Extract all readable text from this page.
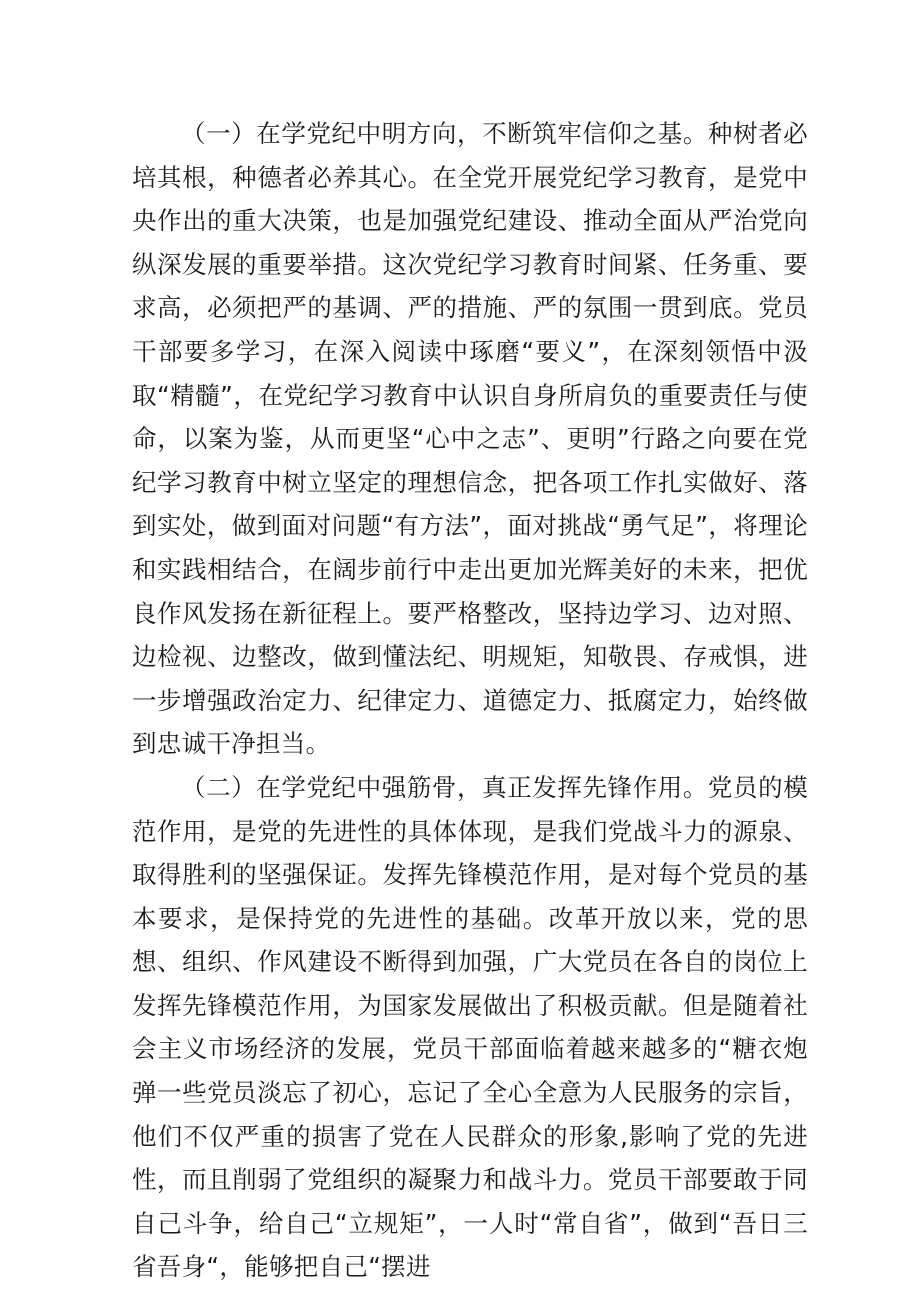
（一）在学党纪中明方向，不断筑牢信仰之基。种树者必培其根，种德者必养其心。在全党开展党纪学习教育，是党中央作出的重大决策，也是加强党纪建设、推动全面从严治党向纵深发展的重要举措。这次党纪学习教育时间紧、任务重、要求高，必须把严的基调、严的措施、严的氛围一贯到底。党员干部要多学习，在深入阅读中琢磨“要义”，在深刻领悟中汲取“精髓”，在党纪学习教育中认识自身所肩负的重要责任与使命，以案为鉴，从而更坚“心中之志”、更明”行路之向要在党纪学习教育中树立坚定的理想信念，把各项工作扎实做好、落到实处，做到面对问题“有方法”，面对挑战“勇气足”，将理论和实践相结合，在阔步前行中走出更加光辉美好的未来，把优良作风发扬在新征程上。要严格整改，坚持边学习、边对照、边检视、边整改，做到懂法纪、明规矩，知敬畏、存戒惧，进一步增强政治定力、纪律定力、道德定力、抵腐定力，始终做到忠诚干净担当。

（二）在学党纪中强筋骨，真正发挥先锋作用。党员的模范作用，是党的先进性的具体体现，是我们党战斗力的源泉、取得胜利的坚强保证。发挥先锋模范作用，是对每个党员的基本要求，是保持党的先进性的基础。改革开放以来，党的思想、组织、作风建设不断得到加强，广大党员在各自的岗位上发挥先锋模范作用，为国家发展做出了积极贡献。但是随着社会主义市场经济的发展，党员干部面临着越来越多的“糖衣炮弹一些党员淡忘了初心，忘记了全心全意为人民服务的宗旨，他们不仅严重的损害了党在人民群众的形象,影响了党的先进性，而且削弱了党组织的凝聚力和战斗力。党员干部要敢于同自己斗争，给自己“立规矩”，一人时“常自省”，做到“吾日三省吾身“，能够把自己“摆进
